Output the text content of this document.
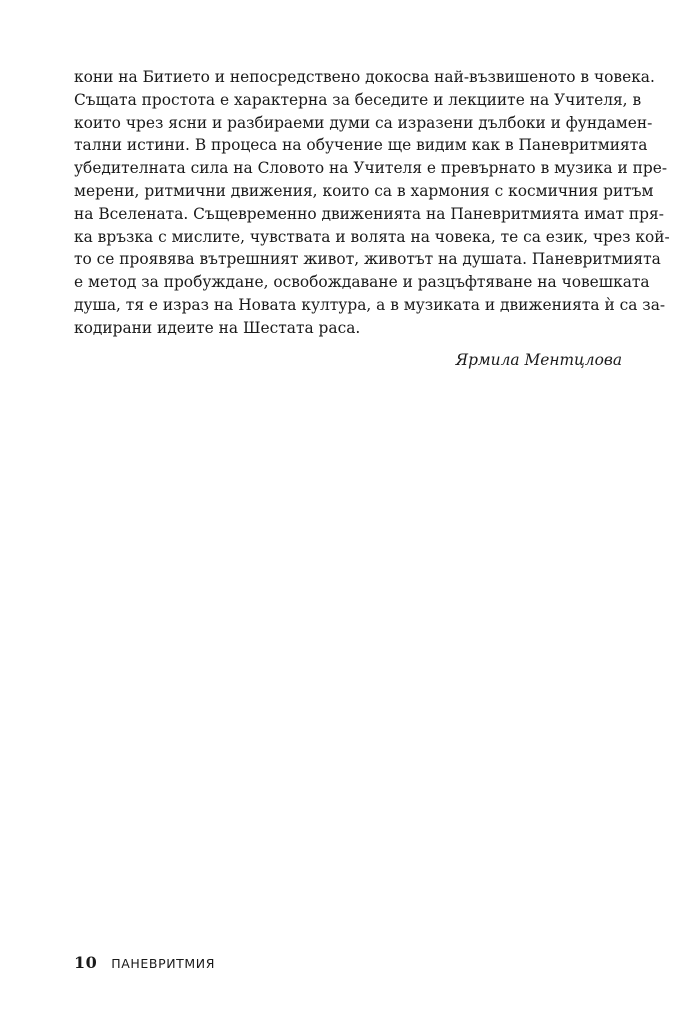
кони на Битието и непосредствено докосва най-възвишеното в човека.
Същата простота е характерна за беседите и лекциите на Учителя, в
които чрез ясни и разбираеми думи са изразени дълбоки и фундамен-
тални истини. В процеса на обучение ще видим как в Паневритмията
убедителната сила на Словото на Учителя е превърнато в музика и пре-
мерени, ритмични движения, които са в хармония с космичния ритъм
на Вселената. Същевременно движенията на Паневритмията имат пря-
ка връзка с мислите, чувствата и волята на човека, те са език, чрез кой-
то се проявява вътрешният живот, животът на душата. Паневритмията
е метод за пробуждане, освобождаване и разцъфтяване на човешката
душа, тя е израз на Новата култура, а в музиката и движенията ѝ са за-
кодирани идеите на Шестата раса.
Ярмила Ментцлова
10 ПАНЕВРИТМИЯ
